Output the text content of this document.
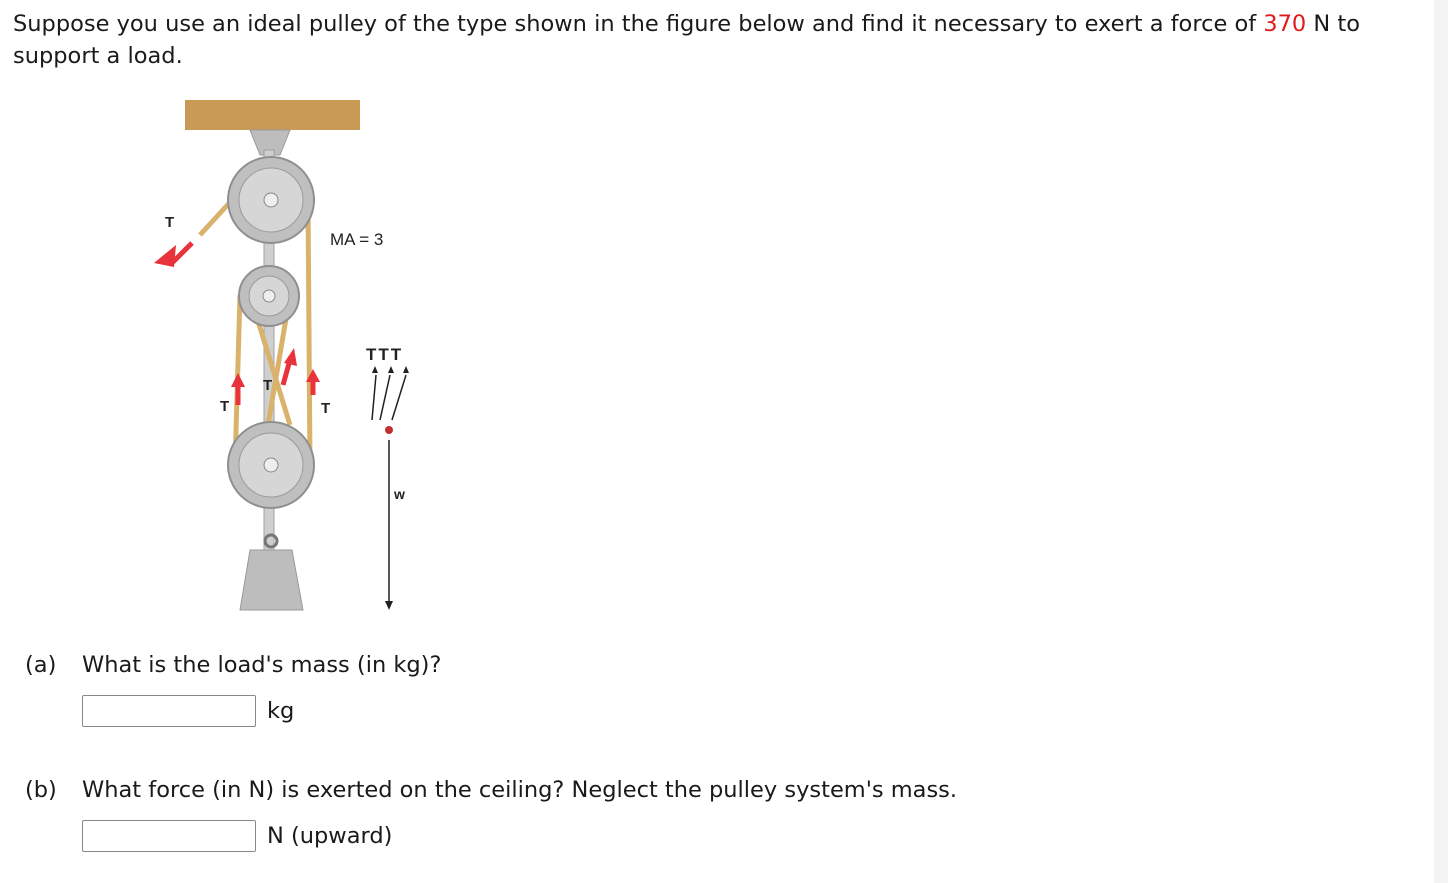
Suppose you use an ideal pulley of the type shown in the figure below and find it necessary to exert a force of 370 N to support a load.

T
T
T
T
MA = 3
TTT
w
(a) What is the load's mass (in kg)?
kg
(b) What force (in N) is exerted on the ceiling? Neglect the pulley system's mass.
N (upward)
